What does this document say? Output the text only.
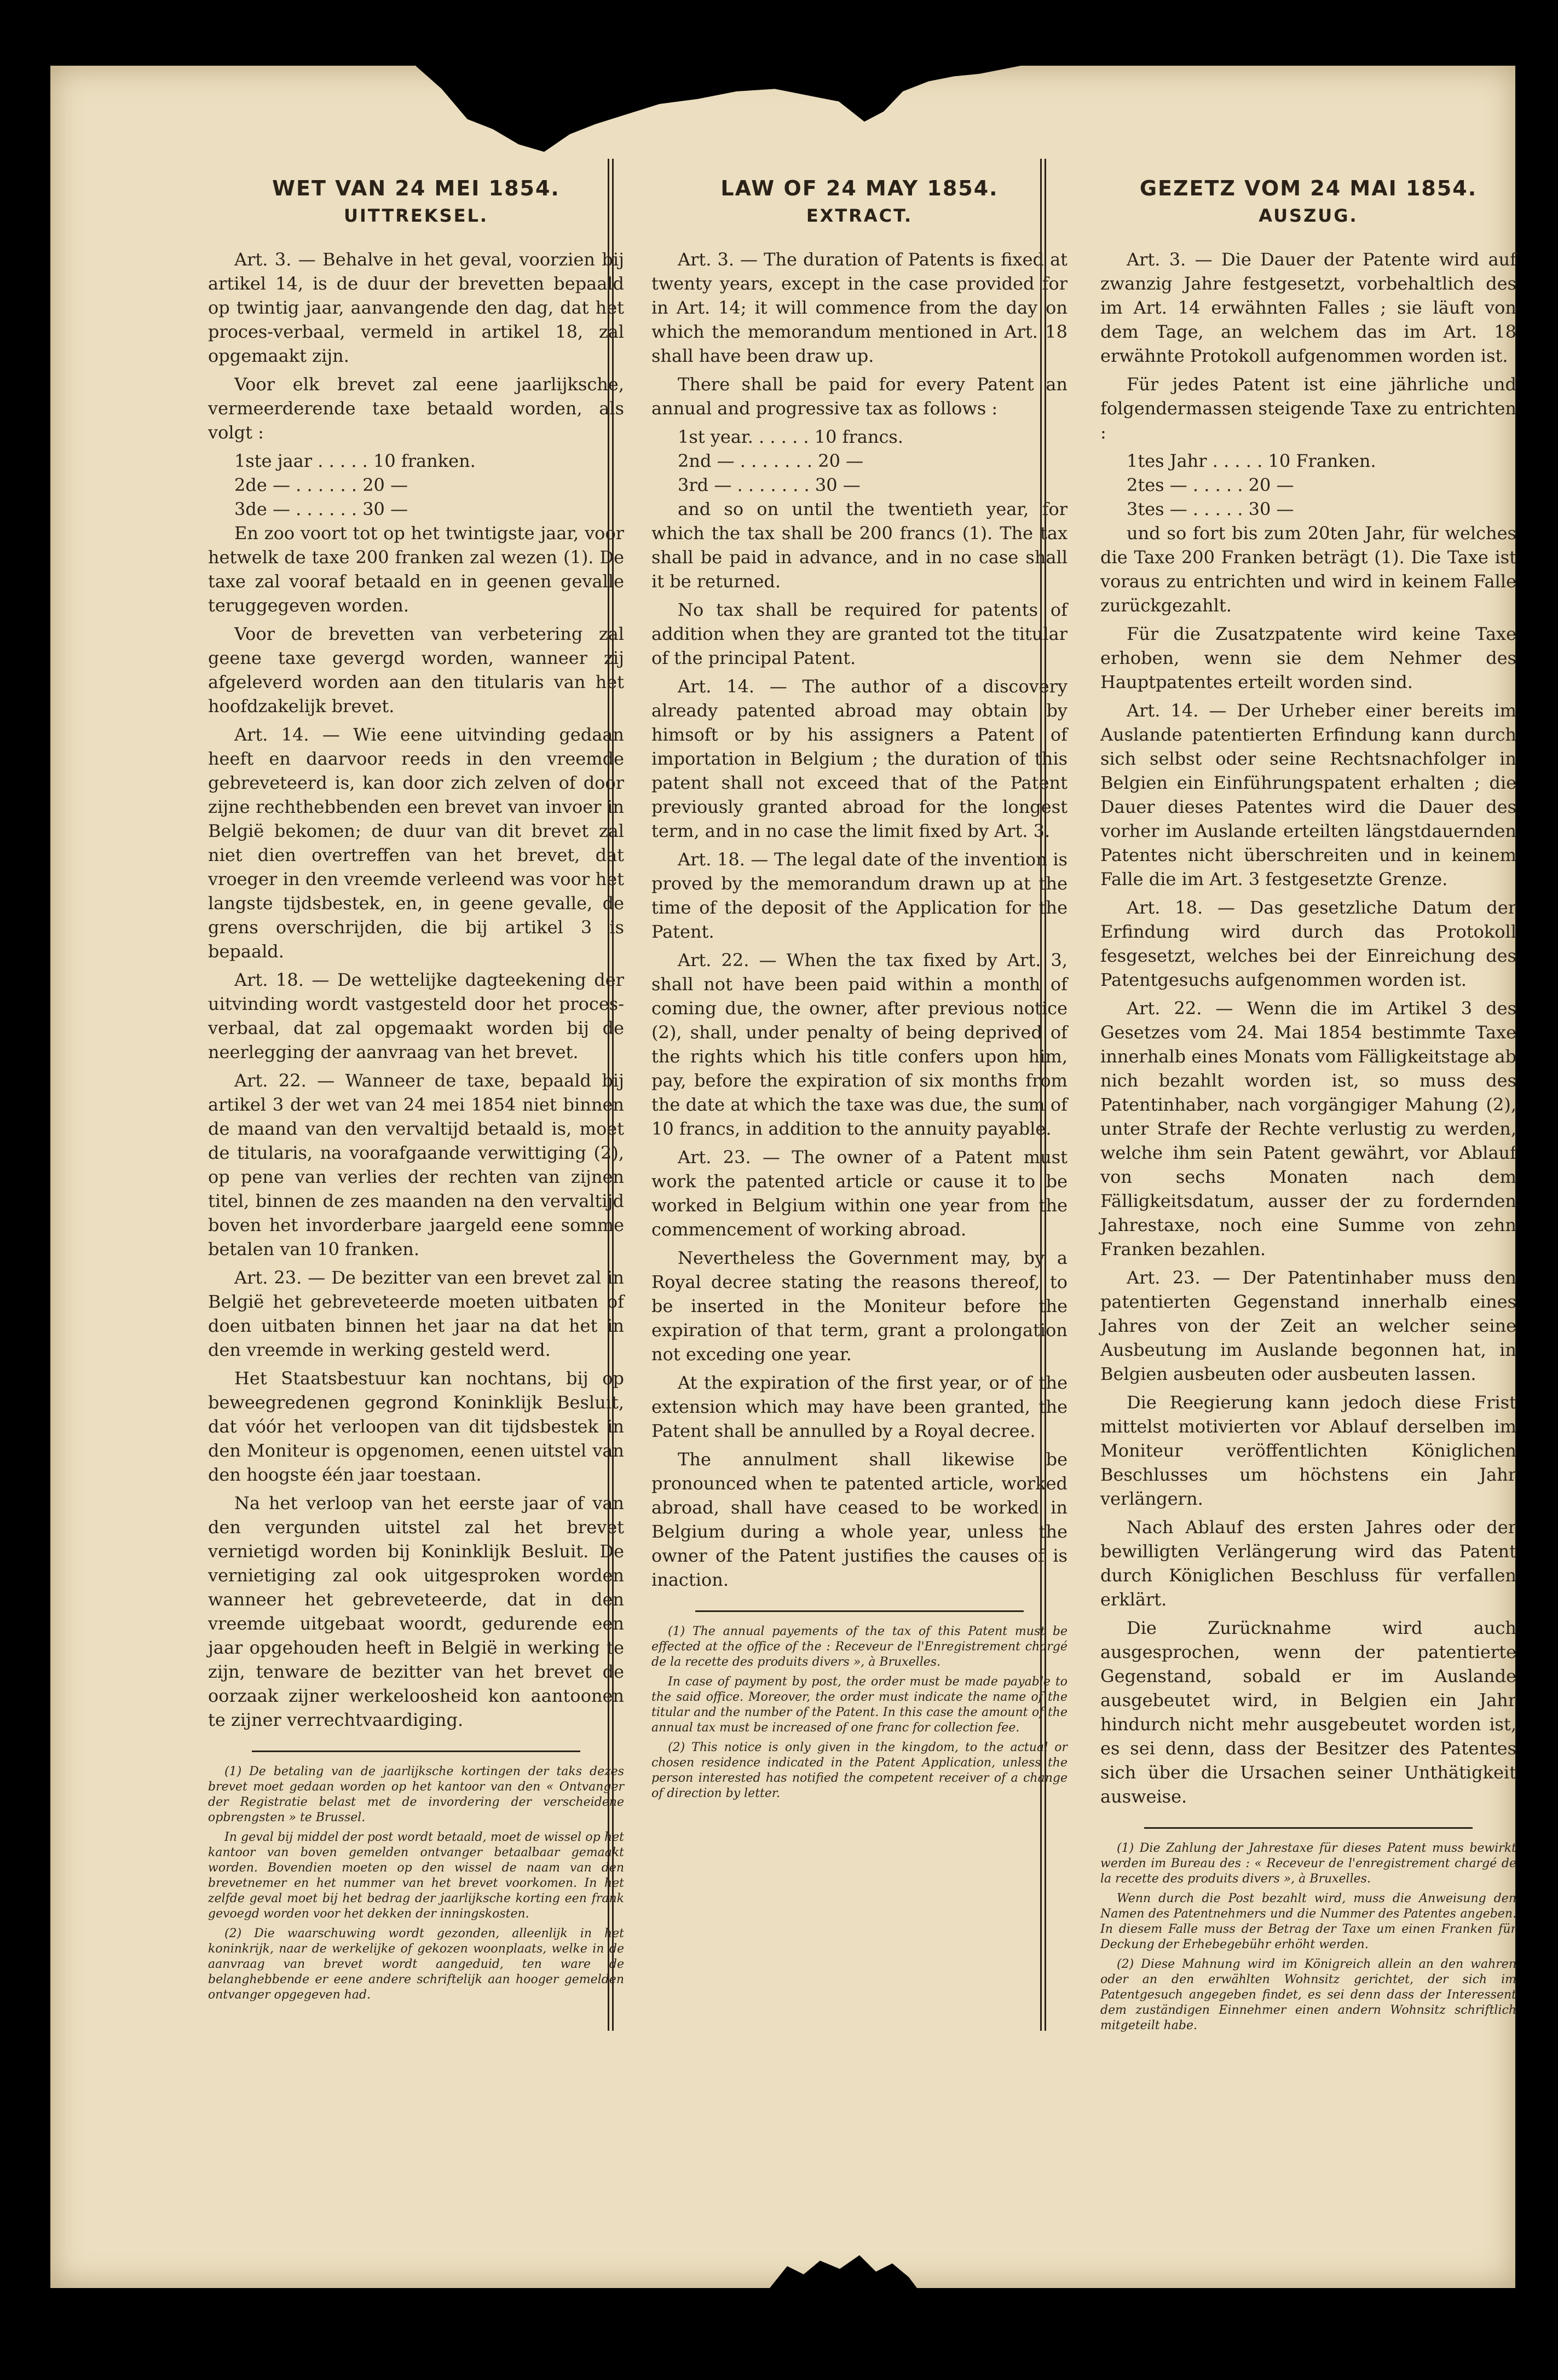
WET VAN 24 MEI 1854.
UITTREKSEL.

Art. 3. — Behalve in het geval, voorzien bij artikel 14, is de duur der brevetten bepaald op twintig jaar, aanvangende den dag, dat het proces-verbaal, vermeld in artikel 18, zal opgemaakt zijn.

Voor elk brevet zal eene jaarlijksche, vermeerderende taxe betaald worden, als volgt :

1ste jaar . . . . . 10 franken.

2de — . . . . . . 20 —

3de — . . . . . . 30 —

En zoo voort tot op het twintigste jaar, voor hetwelk de taxe 200 franken zal wezen (1). De taxe zal vooraf betaald en in geenen gevalle teruggegeven worden.

Voor de brevetten van verbetering zal geene taxe gevergd worden, wanneer zij afgeleverd worden aan den titularis van het hoofdzakelijk brevet.

Art. 14. — Wie eene uitvinding gedaan heeft en daarvoor reeds in den vreemde gebreveteerd is, kan door zich zelven of door zijne rechthebbenden een brevet van invoer in België bekomen; de duur van dit brevet zal niet dien overtreffen van het brevet, dat vroeger in den vreemde verleend was voor het langste tijdsbestek, en, in geene gevalle, de grens overschrijden, die bij artikel 3 is bepaald.

Art. 18. — De wettelijke dagteekening der uitvinding wordt vastgesteld door het proces-verbaal, dat zal opgemaakt worden bij de neerlegging der aanvraag van het brevet.

Art. 22. — Wanneer de taxe, bepaald bij artikel 3 der wet van 24 mei 1854 niet binnen de maand van den vervaltijd betaald is, moet de titularis, na voorafgaande verwittiging (2), op pene van verlies der rechten van zijnen titel, binnen de zes maanden na den vervaltijd boven het invorderbare jaargeld eene somme betalen van 10 franken.

Art. 23. — De bezitter van een brevet zal in België het gebreveteerde moeten uitbaten of doen uitbaten binnen het jaar na dat het in den vreemde in werking gesteld werd.

Het Staatsbestuur kan nochtans, bij op beweegredenen gegrond Koninklijk Besluit, dat vóór het verloopen van dit tijdsbestek in den Moniteur is opgenomen, eenen uitstel van den hoogste één jaar toestaan.

Na het verloop van het eerste jaar of van den vergunden uitstel zal het brevet vernietigd worden bij Koninklijk Besluit. De vernietiging zal ook uitgesproken worden wanneer het gebreveteerde, dat in den vreemde uitgebaat woordt, gedurende een jaar opgehouden heeft in België in werking te zijn, tenware de bezitter van het brevet de oorzaak zijner werkeloosheid kon aantoonen te zijner verrechtvaardiging.

(1) De betaling van de jaarlijksche kortingen der taks dezes brevet moet gedaan worden op het kantoor van den « Ontvanger der Registratie belast met de invordering der verscheidene opbrengsten » te Brussel.

In geval bij middel der post wordt betaald, moet de wissel op het kantoor van boven gemelden ontvanger betaalbaar gemaakt worden. Bovendien moeten op den wissel de naam van den brevetnemer en het nummer van het brevet voorkomen. In het zelfde geval moet bij het bedrag der jaarlijksche korting een frank gevoegd worden voor het dekken der inningskosten.

(2) Die waarschuwing wordt gezonden, alleenlijk in het koninkrijk, naar de werkelijke of gekozen woonplaats, welke in de aanvraag van brevet wordt aangeduid, ten ware de belanghebbende er eene andere schriftelijk aan hooger gemelden ontvanger opgegeven had.

LAW OF 24 MAY 1854.
EXTRACT.

Art. 3. — The duration of Patents is fixed at twenty years, except in the case provided for in Art. 14; it will commence from the day on which the memorandum mentioned in Art. 18 shall have been draw up.

There shall be paid for every Patent an annual and progressive tax as follows :

1st year. . . . . . 10 francs.

2nd — . . . . . . . 20 —

3rd — . . . . . . . 30 —

and so on until the twentieth year, for which the tax shall be 200 francs (1). The tax shall be paid in advance, and in no case shall it be returned.

No tax shall be required for patents of addition when they are granted tot the titular of the principal Patent.

Art. 14. — The author of a discovery already patented abroad may obtain by himsoft or by his assigners a Patent of importation in Belgium ; the duration of this patent shall not exceed that of the Patent previously granted abroad for the longest term, and in no case the limit fixed by Art. 3.

Art. 18. — The legal date of the invention is proved by the memorandum drawn up at the time of the deposit of the Application for the Patent.

Art. 22. — When the tax fixed by Art. 3, shall not have been paid within a month of coming due, the owner, after previous notice (2), shall, under penalty of being deprived of the rights which his title confers upon him, pay, before the expiration of six months from the date at which the taxe was due, the sum of 10 francs, in addition to the annuity payable.

Art. 23. — The owner of a Patent must work the patented article or cause it to be worked in Belgium within one year from the commencement of working abroad.

Nevertheless the Government may, by a Royal decree stating the reasons thereof, to be inserted in the Moniteur before the expiration of that term, grant a prolongation not exceding one year.

At the expiration of the first year, or of the extension which may have been granted, the Patent shall be annulled by a Royal decree.

The annulment shall likewise be pronounced when te patented article, worked abroad, shall have ceased to be worked in Belgium during a whole year, unless the owner of the Patent justifies the causes of is inaction.

(1) The annual payements of the tax of this Patent must be effected at the office of the : Receveur de l'Enregistrement chargé de la recette des produits divers », à Bruxelles.

In case of payment by post, the order must be made payable to the said office. Moreover, the order must indicate the name of the titular and the number of the Patent. In this case the amount of the annual tax must be increased of one franc for collection fee.

(2) This notice is only given in the kingdom, to the actual or chosen residence indicated in the Patent Application, unless the person interested has notified the competent receiver of a change of direction by letter.

GEZETZ VOM 24 MAI 1854.
AUSZUG.

Art. 3. — Die Dauer der Patente wird auf zwanzig Jahre festgesetzt, vorbehaltlich des im Art. 14 erwähnten Falles ; sie läuft von dem Tage, an welchem das im Art. 18 erwähnte Protokoll aufgenommen worden ist.

Für jedes Patent ist eine jährliche und folgendermassen steigende Taxe zu entrichten :

1tes Jahr . . . . . 10 Franken.

2tes — . . . . . 20 —

3tes — . . . . . 30 —

und so fort bis zum 20ten Jahr, für welches die Taxe 200 Franken beträgt (1). Die Taxe ist voraus zu entrichten und wird in keinem Falle zurückgezahlt.

Für die Zusatzpatente wird keine Taxe erhoben, wenn sie dem Nehmer des Hauptpatentes erteilt worden sind.

Art. 14. — Der Urheber einer bereits im Auslande patentierten Erfindung kann durch sich selbst oder seine Rechtsnachfolger in Belgien ein Einführungspatent erhalten ; die Dauer dieses Patentes wird die Dauer des vorher im Auslande erteilten längstdauernden Patentes nicht überschreiten und in keinem Falle die im Art. 3 festgesetzte Grenze.

Art. 18. — Das gesetzliche Datum der Erfindung wird durch das Protokoll fesgesetzt, welches bei der Einreichung des Patentgesuchs aufgenommen worden ist.

Art. 22. — Wenn die im Artikel 3 des Gesetzes vom 24. Mai 1854 bestimmte Taxe innerhalb eines Monats vom Fälligkeitstage ab nich bezahlt worden ist, so muss des Patentinhaber, nach vorgängiger Mahung (2), unter Strafe der Rechte verlustig zu werden, welche ihm sein Patent gewährt, vor Ablauf von sechs Monaten nach dem Fälligkeitsdatum, ausser der zu fordernden Jahrestaxe, noch eine Summe von zehn Franken bezahlen.

Art. 23. — Der Patentinhaber muss den patentierten Gegenstand innerhalb eines Jahres von der Zeit an welcher seine Ausbeutung im Auslande begonnen hat, in Belgien ausbeuten oder ausbeuten lassen.

Die Reegierung kann jedoch diese Frist mittelst motivierten vor Ablauf derselben im Moniteur veröffentlichten Königlichen Beschlusses um höchstens ein Jahr verlängern.

Nach Ablauf des ersten Jahres oder der bewilligten Verlängerung wird das Patent durch Königlichen Beschluss für verfallen erklärt.

Die Zurücknahme wird auch ausgesprochen, wenn der patentierte Gegenstand, sobald er im Auslande ausgebeutet wird, in Belgien ein Jahr hindurch nicht mehr ausgebeutet worden ist, es sei denn, dass der Besitzer des Patentes sich über die Ursachen seiner Unthätigkeit ausweise.

(1) Die Zahlung der Jahrestaxe für dieses Patent muss bewirkt werden im Bureau des : « Receveur de l'enregistrement chargé de la recette des produits divers », à Bruxelles.

Wenn durch die Post bezahlt wird, muss die Anweisung den Namen des Patentnehmers und die Nummer des Patentes angeben. In diesem Falle muss der Betrag der Taxe um einen Franken für Deckung der Erhebegebühr erhöht werden.

(2) Diese Mahnung wird im Königreich allein an den wahren oder an den erwählten Wohnsitz gerichtet, der sich im Patentgesuch angegeben findet, es sei denn dass der Interessent dem zuständigen Einnehmer einen andern Wohnsitz schriftlich mitgeteilt habe.
